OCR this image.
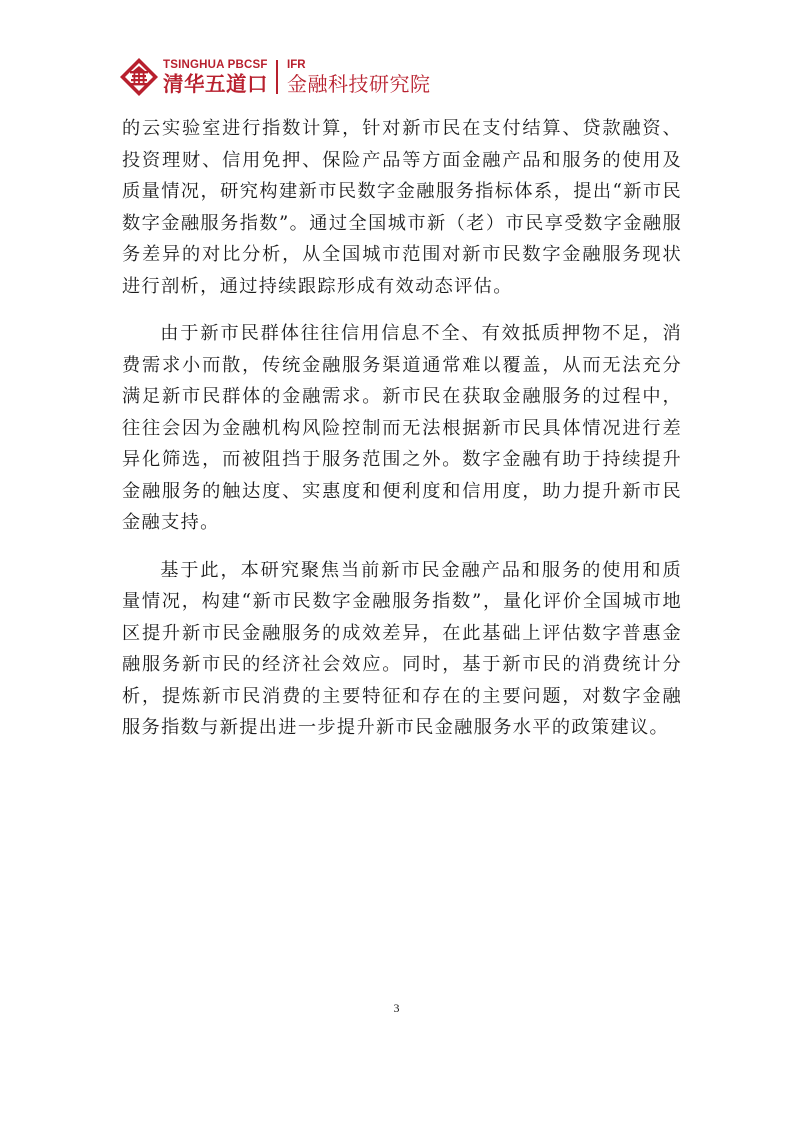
TSINGHUA PBCSF
清华五道口
IFR
金融科技研究院

的云实验室进行指数计算，针对新市民在支付结算、贷款融资、投资理财、信用免押、保险产品等方面金融产品和服务的使用及质量情况，研究构建新市民数字金融服务指标体系，提出“新市民数字金融服务指数”。通过全国城市新（老）市民享受数字金融服务差异的对比分析，从全国城市范围对新市民数字金融服务现状进行剖析，通过持续跟踪形成有效动态评估。

由于新市民群体往往信用信息不全、有效抵质押物不足，消费需求小而散，传统金融服务渠道通常难以覆盖，从而无法充分满足新市民群体的金融需求。新市民在获取金融服务的过程中，往往会因为金融机构风险控制而无法根据新市民具体情况进行差异化筛选，而被阻挡于服务范围之外。数字金融有助于持续提升金融服务的触达度、实惠度和便利度和信用度，助力提升新市民金融支持。

基于此，本研究聚焦当前新市民金融产品和服务的使用和质量情况，构建“新市民数字金融服务指数”，量化评价全国城市地区提升新市民金融服务的成效差异，在此基础上评估数字普惠金融服务新市民的经济社会效应。同时，基于新市民的消费统计分析，提炼新市民消费的主要特征和存在的主要问题，对数字金融服务指数与新提出进一步提升新市民金融服务水平的政策建议。

3
